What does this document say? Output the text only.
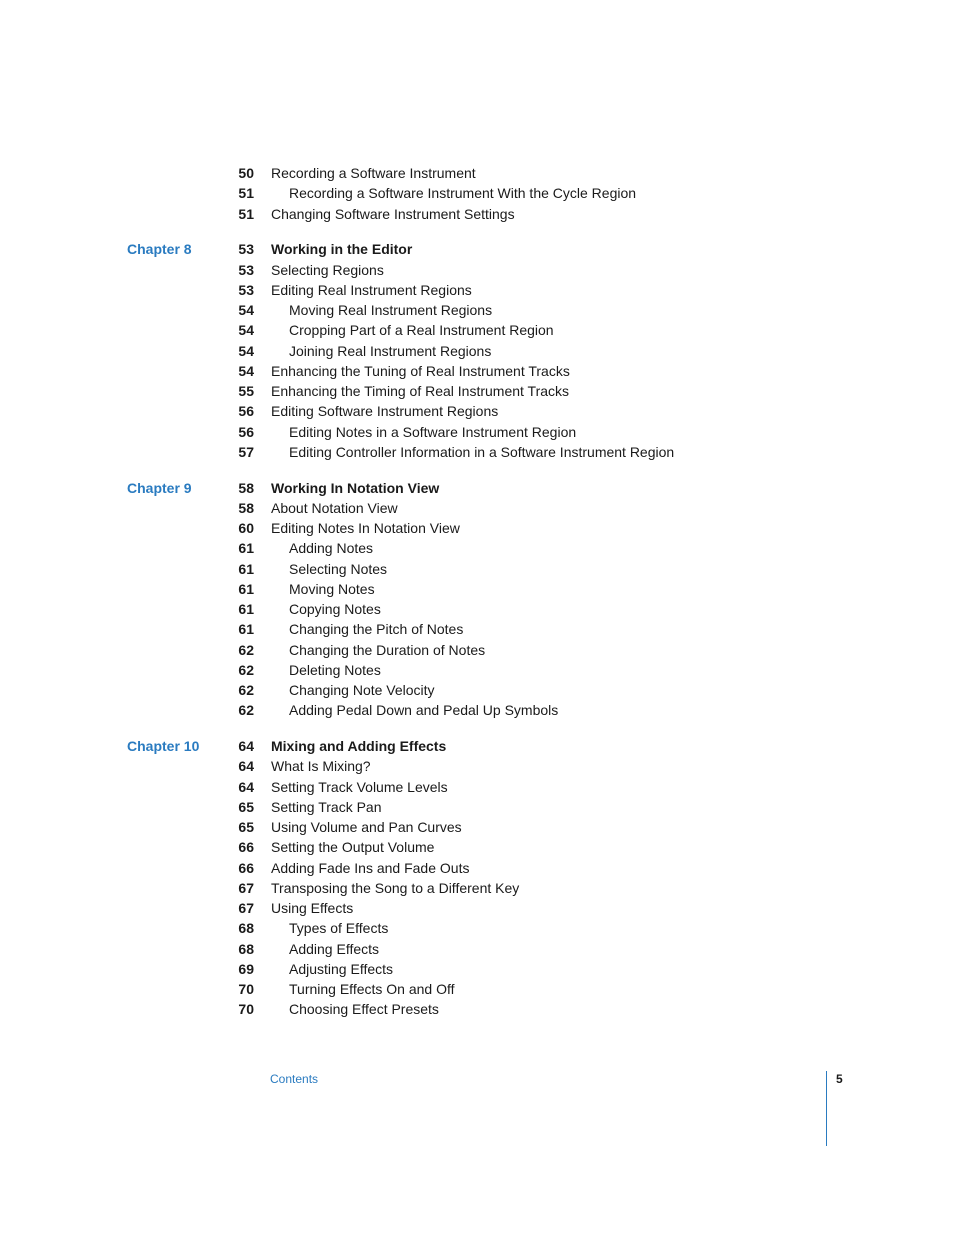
50 Recording a Software Instrument
51	Recording a Software Instrument With the Cycle Region
51 Changing Software Instrument Settings
Chapter 8	53 Working in the Editor
53 Selecting Regions
53 Editing Real Instrument Regions
54	Moving Real Instrument Regions
54	Cropping Part of a Real Instrument Region
54	Joining Real Instrument Regions
54 Enhancing the Tuning of Real Instrument Tracks
55 Enhancing the Timing of Real Instrument Tracks
56 Editing Software Instrument Regions
56	Editing Notes in a Software Instrument Region
57	Editing Controller Information in a Software Instrument Region
Chapter 9	58 Working In Notation View
58 About Notation View
60 Editing Notes In Notation View
61	Adding Notes
61	Selecting Notes
61	Moving Notes
61	Copying Notes
61	Changing the Pitch of Notes
62	Changing the Duration of Notes
62	Deleting Notes
62	Changing Note Velocity
62	Adding Pedal Down and Pedal Up Symbols
Chapter 10	64 Mixing and Adding Effects
64 What Is Mixing?
64 Setting Track Volume Levels
65 Setting Track Pan
65 Using Volume and Pan Curves
66 Setting the Output Volume
66 Adding Fade Ins and Fade Outs
67 Transposing the Song to a Different Key
67 Using Effects
68	Types of Effects
68	Adding Effects
69	Adjusting Effects
70	Turning Effects On and Off
70	Choosing Effect Presets
Contents	5
